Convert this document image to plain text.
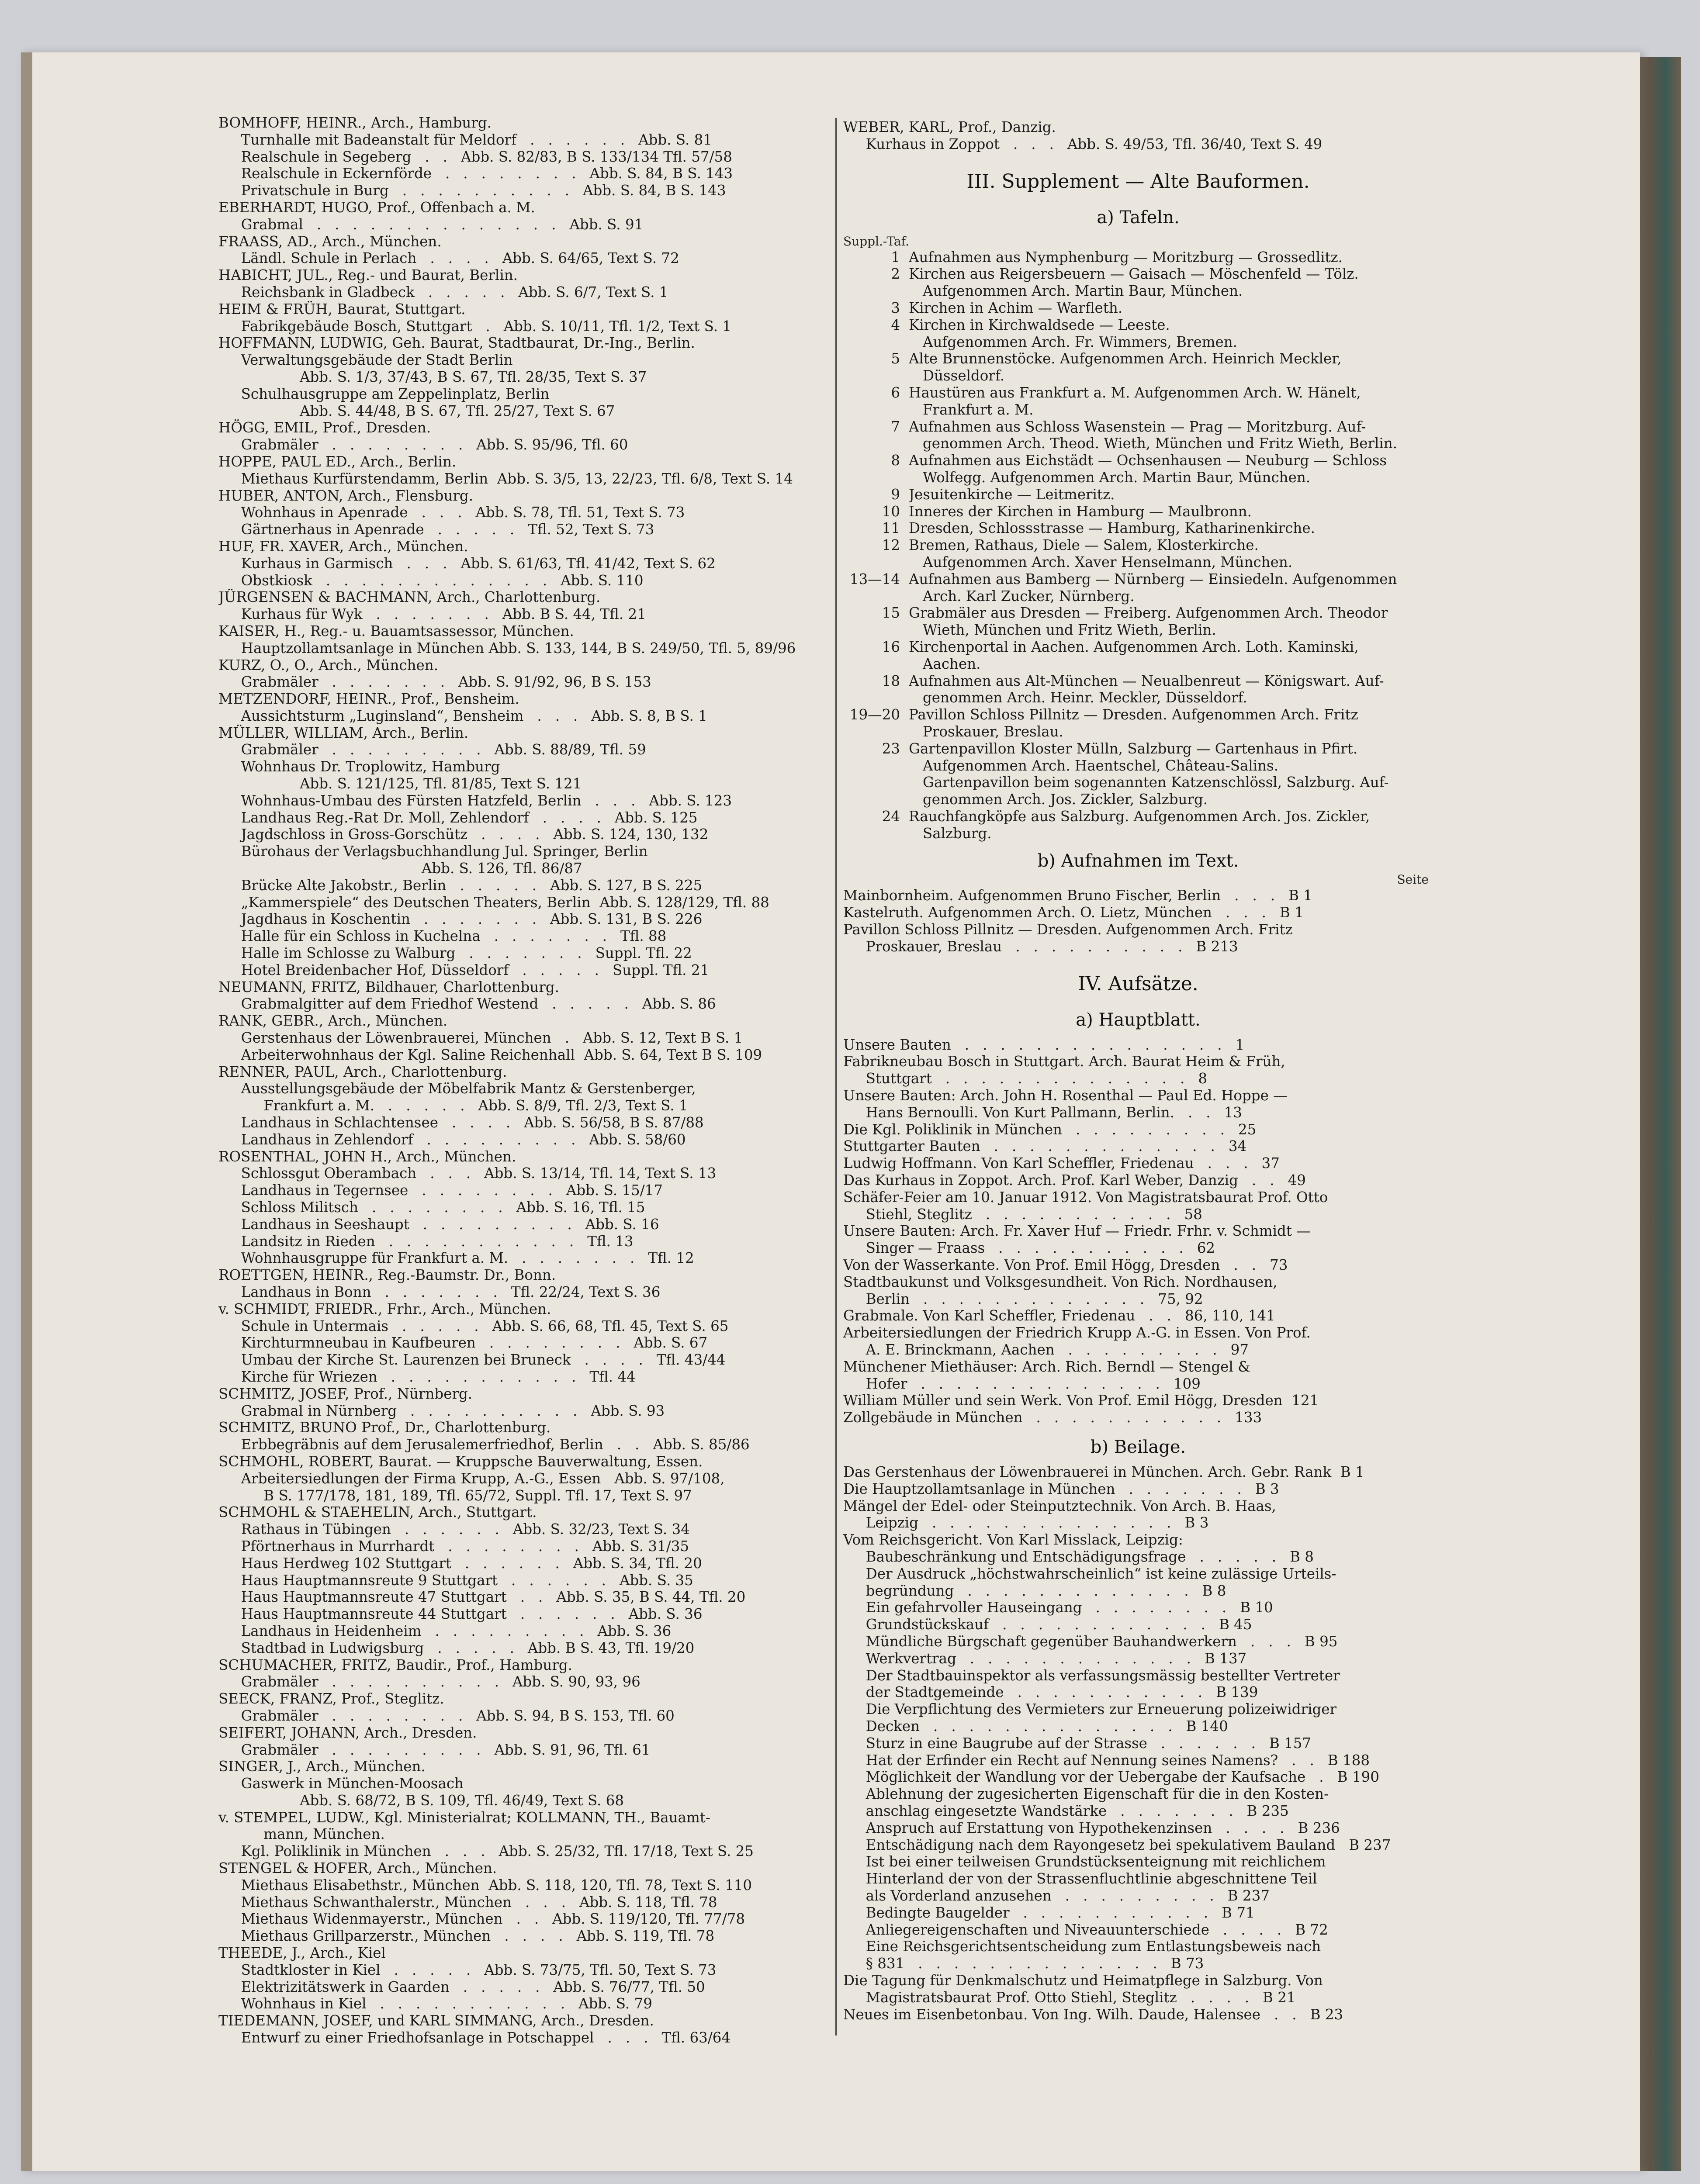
BOMHOFF, HEINR., Arch., Hamburg.
Turnhalle mit Badeanstalt für Meldorf   .   .   .   .   .   .   Abb. S. 81
Realschule in Segeberg   .   .   Abb. S. 82/83, B S. 133/134 Tfl. 57/58
Realschule in Eckernförde   .   .   .   .   .   .   .   .   Abb. S. 84, B S. 143
Privatschule in Burg   .   .   .   .   .   .   .   .   .   .   Abb. S. 84, B S. 143
EBERHARDT, HUGO, Prof., Offenbach a. M.
Grabmal   .   .   .   .   .   .   .   .   .   .   .   .   .   .   Abb. S. 91
FRAASS, AD., Arch., München.
Ländl. Schule in Perlach   .   .   .   .   Abb. S. 64/65, Text S. 72
HABICHT, JUL., Reg.- und Baurat, Berlin.
Reichsbank in Gladbeck   .   .   .   .   .   Abb. S. 6/7, Text S. 1
HEIM & FRÜH, Baurat, Stuttgart.
Fabrikgebäude Bosch, Stuttgart   .   Abb. S. 10/11, Tfl. 1/2, Text S. 1
HOFFMANN, LUDWIG, Geh. Baurat, Stadtbaurat, Dr.-Ing., Berlin.
Verwaltungsgebäude der Stadt Berlin
Abb. S. 1/3, 37/43, B S. 67, Tfl. 28/35, Text S. 37
Schulhausgruppe am Zeppelinplatz, Berlin
Abb. S. 44/48, B S. 67, Tfl. 25/27, Text S. 67
HÖGG, EMIL, Prof., Dresden.
Grabmäler   .   .   .   .   .   .   .   .   Abb. S. 95/96, Tfl. 60
HOPPE, PAUL ED., Arch., Berlin.
Miethaus Kurfürstendamm, Berlin  Abb. S. 3/5, 13, 22/23, Tfl. 6/8, Text S. 14
HUBER, ANTON, Arch., Flensburg.
Wohnhaus in Apenrade   .   .   .   Abb. S. 78, Tfl. 51, Text S. 73
Gärtnerhaus in Apenrade   .   .   .   .   .   Tfl. 52, Text S. 73
HUF, FR. XAVER, Arch., München.
Kurhaus in Garmisch   .   .   .   Abb. S. 61/63, Tfl. 41/42, Text S. 62
Obstkiosk   .   .   .   .   .   .   .   .   .   .   .   .   .   Abb. S. 110
JÜRGENSEN & BACHMANN, Arch., Charlottenburg.
Kurhaus für Wyk   .   .   .   .   .   .   .   Abb. B S. 44, Tfl. 21
KAISER, H., Reg.- u. Bauamtsassessor, München.
Hauptzollamtsanlage in München Abb. S. 133, 144, B S. 249/50, Tfl. 5, 89/96
KURZ, O., O., Arch., München.
Grabmäler   .   .   .   .   .   .   .   Abb. S. 91/92, 96, B S. 153
METZENDORF, HEINR., Prof., Bensheim.
Aussichtsturm „Luginsland“, Bensheim   .   .   .   Abb. S. 8, B S. 1
MÜLLER, WILLIAM, Arch., Berlin.
Grabmäler   .   .   .   .   .   .   .   .   .   Abb. S. 88/89, Tfl. 59
Wohnhaus Dr. Troplowitz, Hamburg
Abb. S. 121/125, Tfl. 81/85, Text S. 121
Wohnhaus-Umbau des Fürsten Hatzfeld, Berlin   .   .   .   Abb. S. 123
Landhaus Reg.-Rat Dr. Moll, Zehlendorf   .   .   .   .   Abb. S. 125
Jagdschloss in Gross-Gorschütz   .   .   .   .   Abb. S. 124, 130, 132
Bürohaus der Verlagsbuchhandlung Jul. Springer, Berlin
Abb. S. 126, Tfl. 86/87
Brücke Alte Jakobstr., Berlin   .   .   .   .   .   Abb. S. 127, B S. 225
„Kammerspiele“ des Deutschen Theaters, Berlin  Abb. S. 128/129, Tfl. 88
Jagdhaus in Koschentin   .   .   .   .   .   .   .   Abb. S. 131, B S. 226
Halle für ein Schloss in Kuchelna   .   .   .   .   .   .   .   Tfl. 88
Halle im Schlosse zu Walburg   .   .   .   .   .   .   .   Suppl. Tfl. 22
Hotel Breidenbacher Hof, Düsseldorf   .   .   .   .   .   Suppl. Tfl. 21
NEUMANN, FRITZ, Bildhauer, Charlottenburg.
Grabmalgitter auf dem Friedhof Westend   .   .   .   .   .   Abb. S. 86
RANK, GEBR., Arch., München.
Gerstenhaus der Löwenbrauerei, München   .   Abb. S. 12, Text B S. 1
Arbeiterwohnhaus der Kgl. Saline Reichenhall  Abb. S. 64, Text B S. 109
RENNER, PAUL, Arch., Charlottenburg.
Ausstellungsgebäude der Möbelfabrik Mantz & Gerstenberger,
Frankfurt a. M.   .   .   .   .   .   Abb. S. 8/9, Tfl. 2/3, Text S. 1
Landhaus in Schlachtensee   .   .   .   .   Abb. S. 56/58, B S. 87/88
Landhaus in Zehlendorf   .   .   .   .   .   .   .   .   .   Abb. S. 58/60
ROSENTHAL, JOHN H., Arch., München.
Schlossgut Oberambach   .   .   .   Abb. S. 13/14, Tfl. 14, Text S. 13
Landhaus in Tegernsee   .   .   .   .   .   .   .   .   Abb. S. 15/17
Schloss Militsch   .   .   .   .   .   .   .   .   Abb. S. 16, Tfl. 15
Landhaus in Seeshaupt   .   .   .   .   .   .   .   .   .   Abb. S. 16
Landsitz in Rieden   .   .   .   .   .   .   .   .   .   .   .   Tfl. 13
Wohnhausgruppe für Frankfurt a. M.   .   .   .   .   .   .   .   Tfl. 12
ROETTGEN, HEINR., Reg.-Baumstr. Dr., Bonn.
Landhaus in Bonn   .   .   .   .   .   .   .   Tfl. 22/24, Text S. 36
v. SCHMIDT, FRIEDR., Frhr., Arch., München.
Schule in Untermais   .   .   .   .   .   Abb. S. 66, 68, Tfl. 45, Text S. 65
Kirchturmneubau in Kaufbeuren   .   .   .   .   .   .   .   .   Abb. S. 67
Umbau der Kirche St. Laurenzen bei Bruneck   .   .   .   .   Tfl. 43/44
Kirche für Wriezen   .   .   .   .   .   .   .   .   .   .   .   Tfl. 44
SCHMITZ, JOSEF, Prof., Nürnberg.
Grabmal in Nürnberg   .   .   .   .   .   .   .   .   .   .   Abb. S. 93
SCHMITZ, BRUNO Prof., Dr., Charlottenburg.
Erbbegräbnis auf dem Jerusalemerfriedhof, Berlin   .   .   Abb. S. 85/86
SCHMOHL, ROBERT, Baurat. — Kruppsche Bauverwaltung, Essen.
Arbeitersiedlungen der Firma Krupp, A.-G., Essen   Abb. S. 97/108,
B S. 177/178, 181, 189, Tfl. 65/72, Suppl. Tfl. 17, Text S. 97
SCHMOHL & STAEHELIN, Arch., Stuttgart.
Rathaus in Tübingen   .   .   .   .   .   .   Abb. S. 32/23, Text S. 34
Pförtnerhaus in Murrhardt   .   .   .   .   .   .   .   .   Abb. S. 31/35
Haus Herdweg 102 Stuttgart   .   .   .   .   .   .   Abb. S. 34, Tfl. 20
Haus Hauptmannsreute 9 Stuttgart   .   .   .   .   .   .   Abb. S. 35
Haus Hauptmannsreute 47 Stuttgart   .   .   Abb. S. 35, B S. 44, Tfl. 20
Haus Hauptmannsreute 44 Stuttgart   .   .   .   .   .   .   Abb. S. 36
Landhaus in Heidenheim   .   .   .   .   .   .   .   .   .   Abb. S. 36
Stadtbad in Ludwigsburg   .   .   .   .   .   Abb. B S. 43, Tfl. 19/20
SCHUMACHER, FRITZ, Baudir., Prof., Hamburg.
Grabmäler   .   .   .   .   .   .   .   .   .   .   Abb. S. 90, 93, 96
SEECK, FRANZ, Prof., Steglitz.
Grabmäler   .   .   .   .   .   .   .   .   Abb. S. 94, B S. 153, Tfl. 60
SEIFERT, JOHANN, Arch., Dresden.
Grabmäler   .   .   .   .   .   .   .   .   .   Abb. S. 91, 96, Tfl. 61
SINGER, J., Arch., München.
Gaswerk in München-Moosach
Abb. S. 68/72, B S. 109, Tfl. 46/49, Text S. 68
v. STEMPEL, LUDW., Kgl. Ministerialrat; KOLLMANN, TH., Bauamt-
mann, München.
Kgl. Poliklinik in München   .   .   .   Abb. S. 25/32, Tfl. 17/18, Text S. 25
STENGEL & HOFER, Arch., München.
Miethaus Elisabethstr., München  Abb. S. 118, 120, Tfl. 78, Text S. 110
Miethaus Schwanthalerstr., München   .   .   .   Abb. S. 118, Tfl. 78
Miethaus Widenmayerstr., München   .   .   Abb. S. 119/120, Tfl. 77/78
Miethaus Grillparzerstr., München   .   .   .   .   Abb. S. 119, Tfl. 78
THEEDE, J., Arch., Kiel
Stadtkloster in Kiel   .   .   .   .   .   Abb. S. 73/75, Tfl. 50, Text S. 73
Elektrizitätswerk in Gaarden   .   .   .   .   .   Abb. S. 76/77, Tfl. 50
Wohnhaus in Kiel   .   .   .   .   .   .   .   .   .   .   .   Abb. S. 79
TIEDEMANN, JOSEF, und KARL SIMMANG, Arch., Dresden.
Entwurf zu einer Friedhofsanlage in Potschappel   .   .   .   Tfl. 63/64
WEBER, KARL, Prof., Danzig.
Kurhaus in Zoppot   .   .   .   Abb. S. 49/53, Tfl. 36/40, Text S. 49
III. Supplement — Alte Bauformen.
a) Tafeln.
Suppl.-Taf.
1 Aufnahmen aus Nymphenburg — Moritzburg — Grossedlitz.
2 Kirchen aus Reigersbeuern — Gaisach — Möschenfeld — Tölz.
Aufgenommen Arch. Martin Baur, München.
3 Kirchen in Achim — Warfleth.
4 Kirchen in Kirchwaldsede — Leeste.
Aufgenommen Arch. Fr. Wimmers, Bremen.
5 Alte Brunnenstöcke. Aufgenommen Arch. Heinrich Meckler,
Düsseldorf.
6 Haustüren aus Frankfurt a. M. Aufgenommen Arch. W. Hänelt,
Frankfurt a. M.
7 Aufnahmen aus Schloss Wasenstein — Prag — Moritzburg. Auf-
genommen Arch. Theod. Wieth, München und Fritz Wieth, Berlin.
8 Aufnahmen aus Eichstädt — Ochsenhausen — Neuburg — Schloss
Wolfegg. Aufgenommen Arch. Martin Baur, München.
9 Jesuitenkirche — Leitmeritz.
10 Inneres der Kirchen in Hamburg — Maulbronn.
11 Dresden, Schlossstrasse — Hamburg, Katharinenkirche.
12 Bremen, Rathaus, Diele — Salem, Klosterkirche.
Aufgenommen Arch. Xaver Henselmann, München.
13—14 Aufnahmen aus Bamberg — Nürnberg — Einsiedeln. Aufgenommen
Arch. Karl Zucker, Nürnberg.
15 Grabmäler aus Dresden — Freiberg. Aufgenommen Arch. Theodor
Wieth, München und Fritz Wieth, Berlin.
16 Kirchenportal in Aachen. Aufgenommen Arch. Loth. Kaminski,
Aachen.
18 Aufnahmen aus Alt-München — Neualbenreut — Königswart. Auf-
genommen Arch. Heinr. Meckler, Düsseldorf.
19—20 Pavillon Schloss Pillnitz — Dresden. Aufgenommen Arch. Fritz
Proskauer, Breslau.
23 Gartenpavillon Kloster Mülln, Salzburg — Gartenhaus in Pfirt.
Aufgenommen Arch. Haentschel, Château-Salins.
Gartenpavillon beim sogenannten Katzenschlössl, Salzburg. Auf-
genommen Arch. Jos. Zickler, Salzburg.
24 Rauchfangköpfe aus Salzburg. Aufgenommen Arch. Jos. Zickler,
Salzburg.
b) Aufnahmen im Text.
Seite
Mainbornheim. Aufgenommen Bruno Fischer, Berlin   .   .   .   B 1
Kastelruth. Aufgenommen Arch. O. Lietz, München   .   .   .   B 1
Pavillon Schloss Pillnitz — Dresden. Aufgenommen Arch. Fritz
Proskauer, Breslau   .   .   .   .   .   .   .   .   .   .   B 213
IV. Aufsätze.
a) Hauptblatt.
Unsere Bauten   .   .   .   .   .   .   .   .   .   .   .   .   .   .   .   1
Fabrikneubau Bosch in Stuttgart. Arch. Baurat Heim & Früh,
Stuttgart   .   .   .   .   .   .   .   .   .   .   .   .   .   .   8
Unsere Bauten: Arch. John H. Rosenthal — Paul Ed. Hoppe —
Hans Bernoulli. Von Kurt Pallmann, Berlin.   .   .   13
Die Kgl. Poliklinik in München   .   .   .   .   .   .   .   .   .   25
Stuttgarter Bauten   .   .   .   .   .   .   .   .   .   .   .   .   .   34
Ludwig Hoffmann. Von Karl Scheffler, Friedenau   .   .   .   37
Das Kurhaus in Zoppot. Arch. Prof. Karl Weber, Danzig   .   .   49
Schäfer-Feier am 10. Januar 1912. Von Magistratsbaurat Prof. Otto
Stiehl, Steglitz   .   .   .   .   .   .   .   .   .   .   .   58
Unsere Bauten: Arch. Fr. Xaver Huf — Friedr. Frhr. v. Schmidt —
Singer — Fraass   .   .   .   .   .   .   .   .   .   .   .   62
Von der Wasserkante. Von Prof. Emil Högg, Dresden   .   .   73
Stadtbaukunst und Volksgesundheit. Von Rich. Nordhausen,
Berlin   .   .   .   .   .   .   .   .   .   .   .   .   .   75, 92
Grabmale. Von Karl Scheffler, Friedenau   .   .   86, 110, 141
Arbeitersiedlungen der Friedrich Krupp A.-G. in Essen. Von Prof.
A. E. Brinckmann, Aachen   .   .   .   .   .   .   .   .   .   97
Münchener Miethäuser: Arch. Rich. Berndl — Stengel &
Hofer   .   .   .   .   .   .   .   .   .   .   .   .   .   .   109
William Müller und sein Werk. Von Prof. Emil Högg, Dresden  121
Zollgebäude in München   .   .   .   .   .   .   .   .   .   .   .   133
b) Beilage.
Das Gerstenhaus der Löwenbrauerei in München. Arch. Gebr. Rank  B 1
Die Hauptzollamtsanlage in München   .   .   .   .   .   .   .   B 3
Mängel der Edel- oder Steinputztechnik. Von Arch. B. Haas,
Leipzig   .   .   .   .   .   .   .   .   .   .   .   .   .   .   B 3
Vom Reichsgericht. Von Karl Misslack, Leipzig:
Baubeschränkung und Entschädigungsfrage   .   .   .   .   .   B 8
Der Ausdruck „höchstwahrscheinlich“ ist keine zulässige Urteils-
begründung   .   .   .   .   .   .   .   .   .   .   .   .   .   B 8
Ein gefahrvoller Hauseingang   .   .   .   .   .   .   .   .   B 10
Grundstückskauf   .   .   .   .   .   .   .   .   .   .   .   .   B 45
Mündliche Bürgschaft gegenüber Bauhandwerkern   .   .   .   B 95
Werkvertrag   .   .   .   .   .   .   .   .   .   .   .   .   .   B 137
Der Stadtbauinspektor als verfassungsmässig bestellter Vertreter
der Stadtgemeinde   .   .   .   .   .   .   .   .   .   .   .   B 139
Die Verpflichtung des Vermieters zur Erneuerung polizeiwidriger
Decken   .   .   .   .   .   .   .   .   .   .   .   .   .   .   B 140
Sturz in eine Baugrube auf der Strasse   .   .   .   .   .   .   B 157
Hat der Erfinder ein Recht auf Nennung seines Namens?   .   .   B 188
Möglichkeit der Wandlung vor der Uebergabe der Kaufsache   .   B 190
Ablehnung der zugesicherten Eigenschaft für die in den Kosten-
anschlag eingesetzte Wandstärke   .   .   .   .   .   .   .   B 235
Anspruch auf Erstattung von Hypothekenzinsen   .   .   .   .   B 236
Entschädigung nach dem Rayongesetz bei spekulativem Bauland   B 237
Ist bei einer teilweisen Grundstücksenteignung mit reichlichem
Hinterland der von der Strassenfluchtlinie abgeschnittene Teil
als Vorderland anzusehen   .   .   .   .   .   .   .   .   .   B 237
Bedingte Baugelder   .   .   .   .   .   .   .   .   .   .   .   B 71
Anliegereigenschaften und Niveauunterschiede   .   .   .   .   B 72
Eine Reichsgerichtsentscheidung zum Entlastungsbeweis nach
§ 831   .   .   .   .   .   .   .   .   .   .   .   .   .   .   B 73
Die Tagung für Denkmalschutz und Heimatpflege in Salzburg. Von
Magistratsbaurat Prof. Otto Stiehl, Steglitz   .   .   .   .   B 21
Neues im Eisenbetonbau. Von Ing. Wilh. Daude, Halensee   .   .   B 23
